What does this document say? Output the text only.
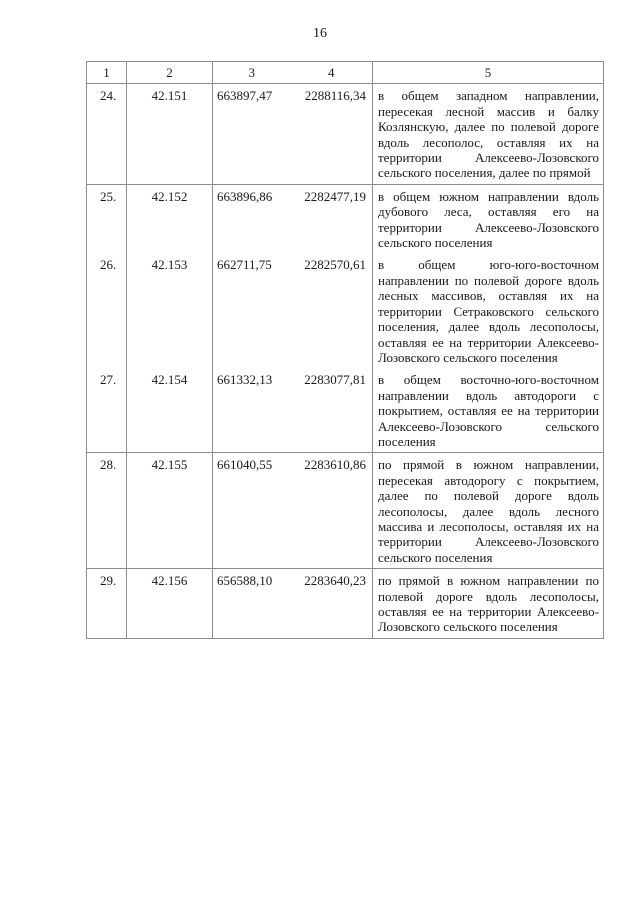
16
1	2	3	4	5
24.	42.151	663897,47	2288116,34	в общем западном направлении, пересекая лесной массив и балку Козлянскую, далее по полевой дороге вдоль лесополос, оставляя их на территории Алексеево-Лозовского сельского поселения, далее по прямой
25.	42.152	663896,86	2282477,19	в общем южном направлении вдоль дубового леса, оставляя его на территории Алексеево-Лозовского сельского поселения
26.	42.153	662711,75	2282570,61	в общем юго-юго-восточном направлении по полевой дороге вдоль лесных массивов, оставляя их на территории Сетраковского сельского поселения, далее вдоль лесополосы, оставляя ее на территории Алексеево-Лозовского сельского поселения
27.	42.154	661332,13	2283077,81	в общем восточно-юго-восточном направлении вдоль автодороги с покрытием, оставляя ее на территории Алексеево-Лозовского сельского поселения
28.	42.155	661040,55	2283610,86	по прямой в южном направлении, пересекая автодорогу с покрытием, далее по полевой дороге вдоль лесополосы, далее вдоль лесного массива и лесополосы, оставляя их на территории Алексеево-Лозовского сельского поселения
29.	42.156	656588,10	2283640,23	по прямой в южном направлении по полевой дороге вдоль лесополосы, оставляя ее на территории Алексеево-Лозовского сельского поселения
